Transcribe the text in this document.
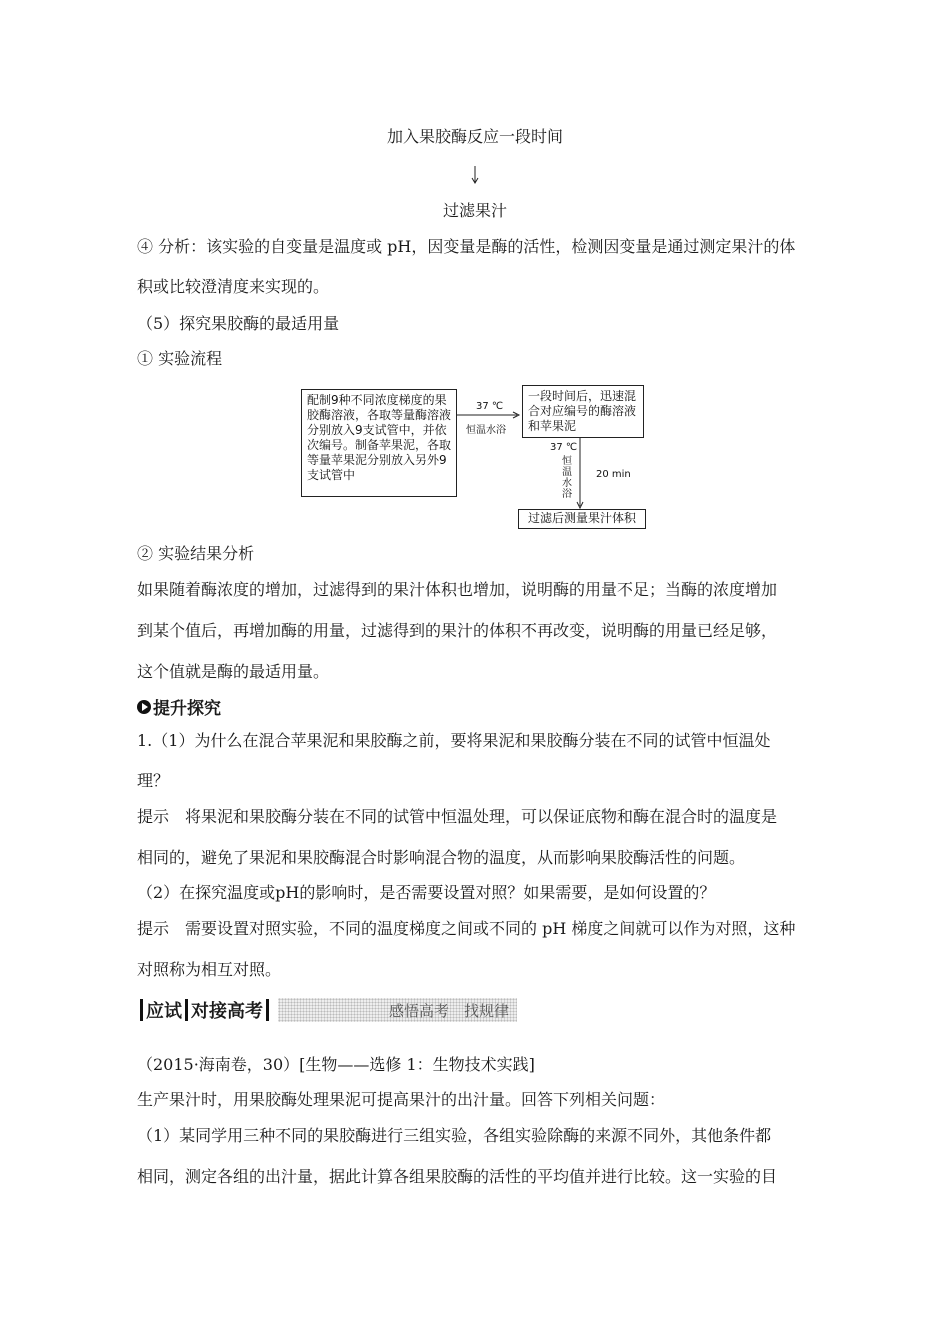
加入果胶酶反应一段时间
过滤果汁
④ 分析：该实验的自变量是温度或 pH，因变量是酶的活性，检测因变量是通过测定果汁的体
积或比较澄清度来实现的。
（5）探究果胶酶的最适用量
① 实验流程
配制9种不同浓度梯度的果胶酶溶液，各取等量酶溶液分别放入9支试管中，并依次编号。制备苹果泥，各取等量苹果泥分别放入另外9支试管中
37 ℃
恒温水浴
一段时间后，迅速混合对应编号的酶溶液和苹果泥
37 ℃
恒温水浴
20 min
过滤后测量果汁体积
② 实验结果分析
如果随着酶浓度的增加，过滤得到的果汁体积也增加，说明酶的用量不足；当酶的浓度增加
到某个值后，再增加酶的用量，过滤得到的果汁的体积不再改变，说明酶的用量已经足够，
这个值就是酶的最适用量。
提升探究
1.（1）为什么在混合苹果泥和果胶酶之前，要将果泥和果胶酶分装在不同的试管中恒温处
理？
提示　将果泥和果胶酶分装在不同的试管中恒温处理，可以保证底物和酶在混合时的温度是
相同的，避免了果泥和果胶酶混合时影响混合物的温度，从而影响果胶酶活性的问题。
（2）在探究温度或pH的影响时，是否需要设置对照？如果需要，是如何设置的？
提示　需要设置对照实验，不同的温度梯度之间或不同的 pH 梯度之间就可以作为对照，这种
对照称为相互对照。
应试 对接高考	感悟高考　找规律
（2015·海南卷，30）[生物——选修 1：生物技术实践]
生产果汁时，用果胶酶处理果泥可提高果汁的出汁量。回答下列相关问题：
（1）某同学用三种不同的果胶酶进行三组实验，各组实验除酶的来源不同外，其他条件都
相同，测定各组的出汁量，据此计算各组果胶酶的活性的平均值并进行比较。这一实验的目
